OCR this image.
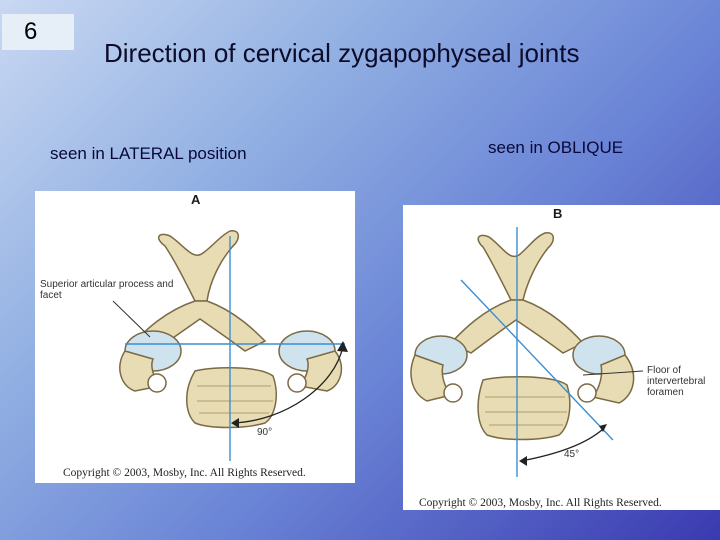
6
Direction of cervical zygapophyseal joints
seen in LATERAL position	seen in OBLIQUE
A
Superior articular process and facet
90°
Copyright © 2003, Mosby, Inc. All Rights Reserved.
B
Floor of intervertebral foramen
45°
Copyright © 2003, Mosby, Inc. All Rights Reserved.
